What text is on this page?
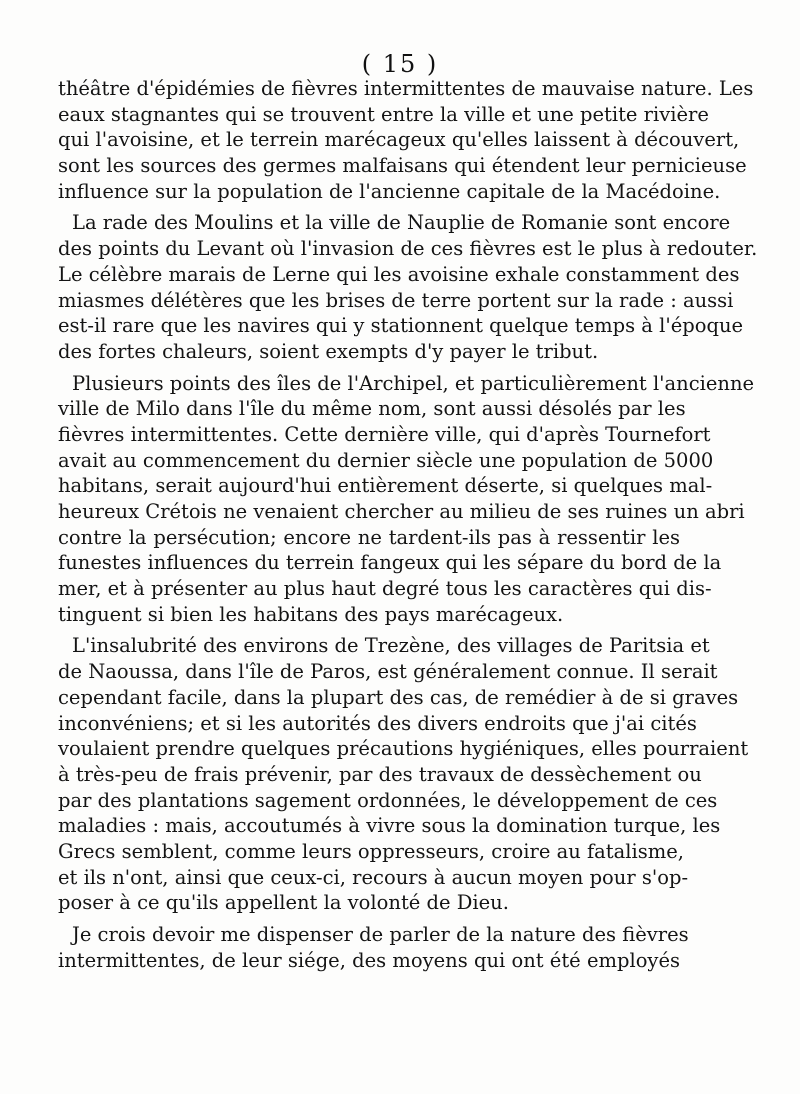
( 15 )
théâtre d'épidémies de fièvres intermittentes de mauvaise nature. Les
eaux stagnantes qui se trouvent entre la ville et une petite rivière
qui l'avoisine, et le terrein marécageux qu'elles laissent à découvert,
sont les sources des germes malfaisans qui étendent leur pernicieuse
influence sur la population de l'ancienne capitale de la Macédoine.
La rade des Moulins et la ville de Nauplie de Romanie sont encore
des points du Levant où l'invasion de ces fièvres est le plus à redouter.
Le célèbre marais de Lerne qui les avoisine exhale constamment des
miasmes délétères que les brises de terre portent sur la rade : aussi
est-il rare que les navires qui y stationnent quelque temps à l'époque
des fortes chaleurs, soient exempts d'y payer le tribut.
Plusieurs points des îles de l'Archipel, et particulièrement l'ancienne
ville de Milo dans l'île du même nom, sont aussi désolés par les
fièvres intermittentes. Cette dernière ville, qui d'après Tournefort
avait au commencement du dernier siècle une population de 5000
habitans, serait aujourd'hui entièrement déserte, si quelques mal-
heureux Crétois ne venaient chercher au milieu de ses ruines un abri
contre la persécution; encore ne tardent-ils pas à ressentir les
funestes influences du terrein fangeux qui les sépare du bord de la
mer, et à présenter au plus haut degré tous les caractères qui dis-
tinguent si bien les habitans des pays marécageux.
L'insalubrité des environs de Trezène, des villages de Paritsia et
de Naoussa, dans l'île de Paros, est généralement connue. Il serait
cependant facile, dans la plupart des cas, de remédier à de si graves
inconvéniens; et si les autorités des divers endroits que j'ai cités
voulaient prendre quelques précautions hygiéniques, elles pourraient
à très-peu de frais prévenir, par des travaux de dessèchement ou
par des plantations sagement ordonnées, le développement de ces
maladies : mais, accoutumés à vivre sous la domination turque, les
Grecs semblent, comme leurs oppresseurs, croire au fatalisme,
et ils n'ont, ainsi que ceux-ci, recours à aucun moyen pour s'op-
poser à ce qu'ils appellent la volonté de Dieu.
Je crois devoir me dispenser de parler de la nature des fièvres
intermittentes, de leur siége, des moyens qui ont été employés
